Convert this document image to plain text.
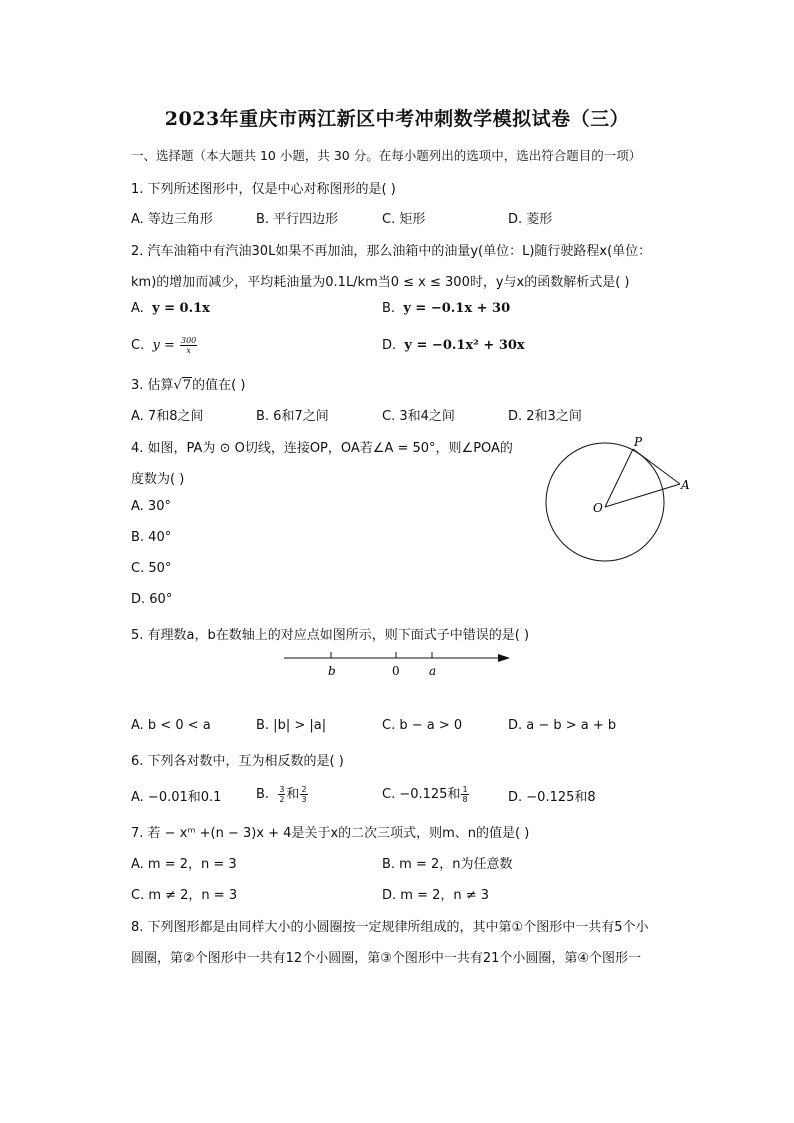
2023年重庆市两江新区中考冲刺数学模拟试卷（三）
一、选择题（本大题共 10 小题，共 30 分。在每小题列出的选项中，选出符合题目的一项）
1. 下列所述图形中，仅是中心对称图形的是( )
A. 等边三角形	B. 平行四边形	C. 矩形	D. 菱形
2. 汽车油箱中有汽油30L如果不再加油，那么油箱中的油量y(单位：L)随行驶路程x(单位：
km)的增加而减少，平均耗油量为0.1L/km当0 ≤ x ≤ 300时，y与x的函数解析式是( )
A. y = 0.1x	B. y = −0.1x + 30
C. $y = \frac{300}{x}$	D. y = −0.1x² + 30x
3. 估算√7的值在( )
A. 7和8之间	B. 6和7之间	C. 3和4之间	D. 2和3之间
4. 如图，PA为 ⊙ O切线，连接OP，OA若∠A = 50°，则∠POA的
度数为( )
A. 30°
B. 40°
C. 50°
D. 60°
P
A
O
5. 有理数a，b在数轴上的对应点如图所示，则下面式子中错误的是( )
b	0 a
A. b < 0 < a	B. |b| > |a|	C. b − a > 0	D. a − b > a + b
6. 下列各对数中，互为相反数的是( )
A. −0.01和0.1	B. $\frac{3}{2}$ 和 $\frac{2}{3}$	C. −0.125和 $\frac{1}{8}$	D. −0.125和8
7. 若 − xᵐ +(n − 3)x + 4是关于x的二次三项式，则m、n的值是( )
A. m = 2，n = 3	B. m = 2，n为任意数
C. m ≠ 2，n = 3	D. m = 2，n ≠ 3
8. 下列图形都是由同样大小的小圆圈按一定规律所组成的，其中第①个图形中一共有5个小
圆圈，第②个图形中一共有12个小圆圈，第③个图形中一共有21个小圆圈，第④个图形一
